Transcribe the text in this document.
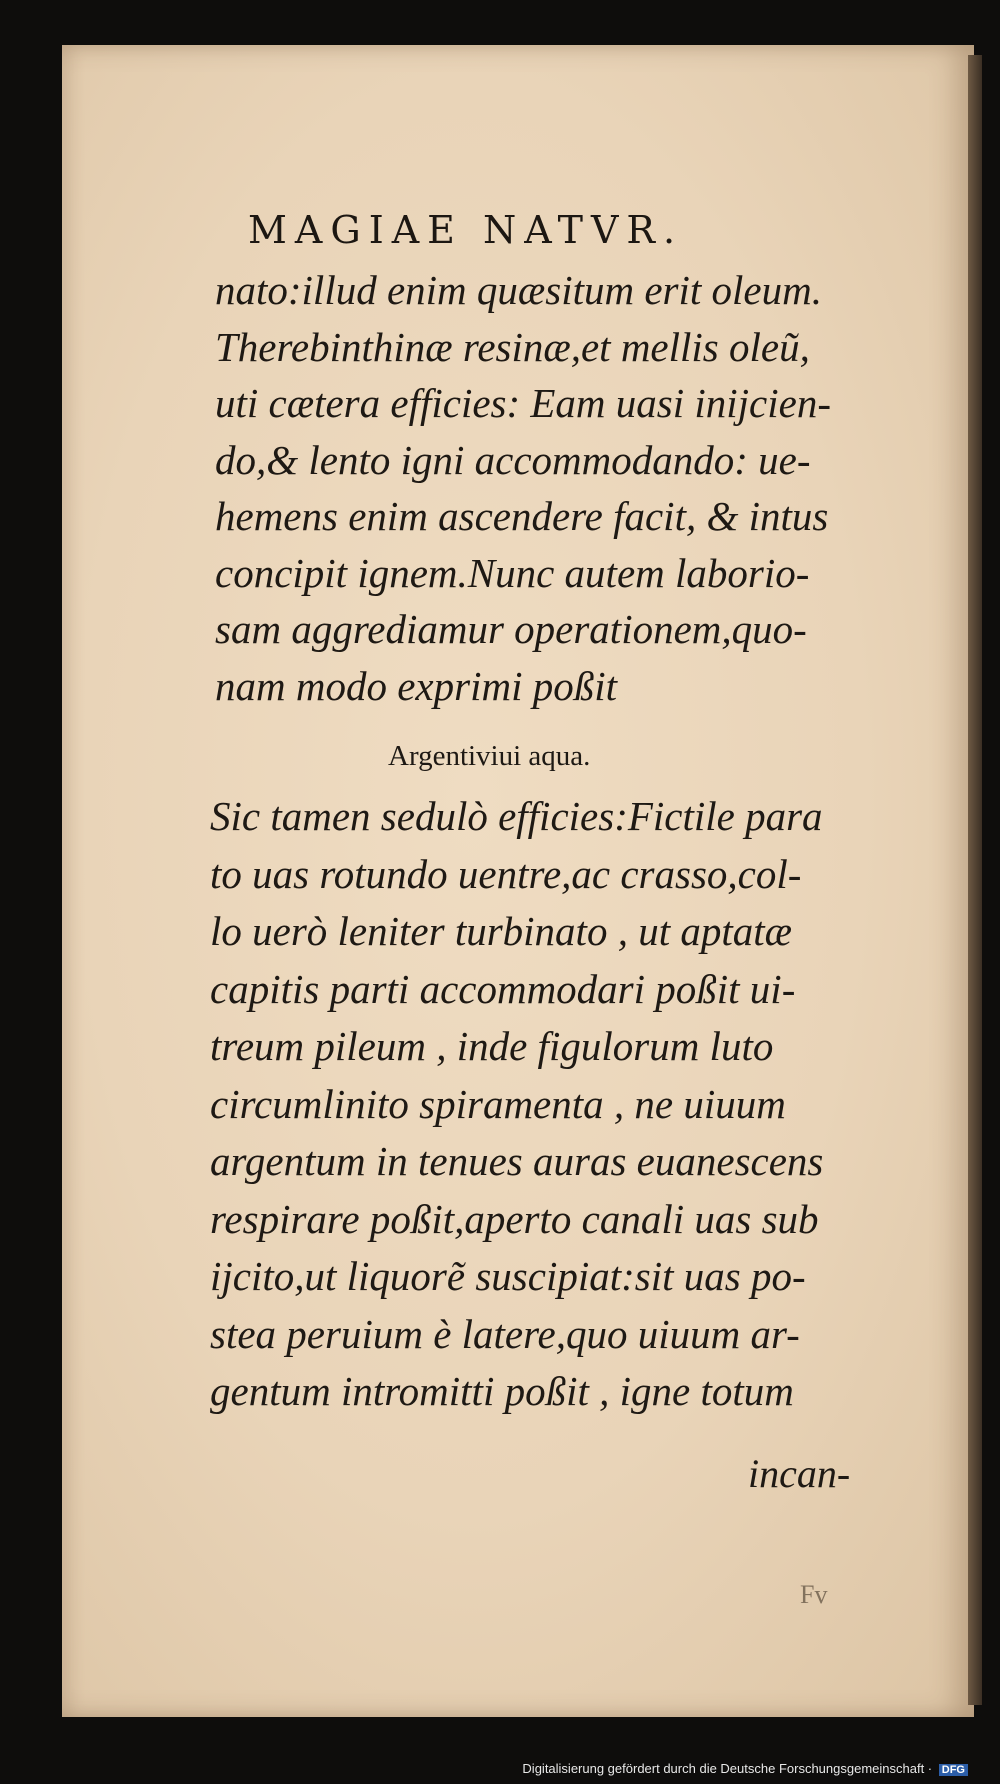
MAGIAE NATVR.
nato:illud enim quæsitum erit oleum.
Therebinthinæ resinæ,et mellis oleũ,
uti cætera efficies: Eam uasi inijcien-
do,& lento igni accommodando: ue-
hemens enim ascendere facit, & intus
concipit ignem.Nunc autem laborio-
sam aggrediamur operationem,quo-
nam modo exprimi poßit
Argentiviui aqua.
Sic tamen sedulò efficies:Fictile para
to uas rotundo uentre,ac crasso,col-
lo uerò leniter turbinato , ut aptatæ
capitis parti accommodari poßit ui-
treum pileum , inde figulorum luto
circumlinito spiramenta , ne uiuum
argentum in tenues auras euanescens
respirare poßit,aperto canali uas sub
ijcito,ut liquorẽ suscipiat:sit uas po-
stea peruium è latere,quo uiuum ar-
gentum intromitti poßit , igne totum
incan-
Fv
Digitalisierung gefördert durch die Deutsche Forschungsgemeinschaft · DFG
